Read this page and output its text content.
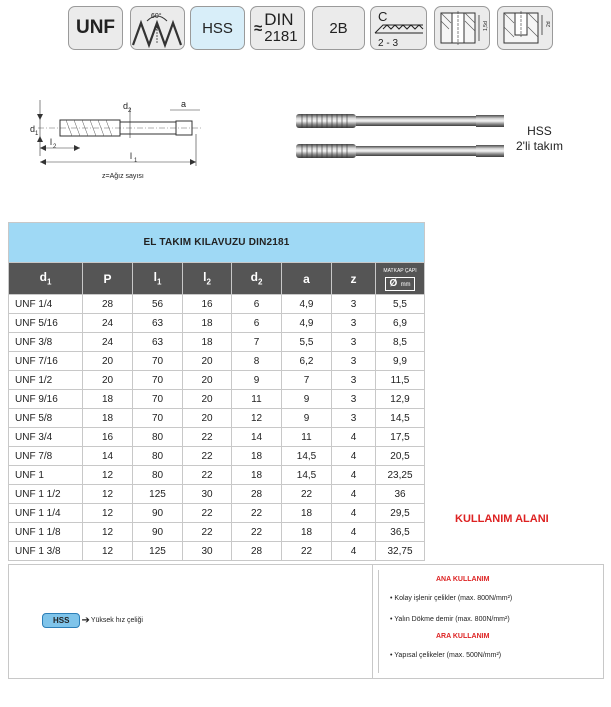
UNF
60°
P	HSS ≈ DIN
2181 2B
C
2 - 3
1,5d	2d
d 1
d 2
a
l 2
l 1
z=Ağız sayısı
HSS
2'li takım
EL TAKIM KILAVUZU DIN2181							
$d_1$	P	$l_1$	$l_2$	$d_2$	a	z	MATKAP ÇAPI
Ø mm
UNF 1/4	28	56	16	6	4,9	3	5,5
UNF 5/16	24	63	18	6	4,9	3	6,9
UNF 3/8	24	63	18	7	5,5	3	8,5
UNF 7/16	20	70	20	8	6,2	3	9,9
UNF 1/2	20	70	20	9	7	3	11,5
UNF 9/16	18	70	20	11	9	3	12,9
UNF 5/8	18	70	20	12	9	3	14,5
UNF 3/4	16	80	22	14	11	4	17,5
UNF 7/8	14	80	22	18	14,5	4	20,5
UNF 1	12	80	22	18	14,5	4	23,25
UNF 1 1/2	12	125	30	28	22	4	36
UNF 1 1/4	12	90	22	22	18	4	29,5
UNF 1 1/8	12	90	22	22	18	4	36,5
UNF 1 3/8	12	125	30	28	22	4	32,75
KULLANIM ALANI
HSS	➔ Yüksek hız çeliği
ANA KULLANIM
• Kolay işlenir çelikler (max. 800N/mm²)
• Yalın Dökme demir (max. 800N/mm²)
ARA KULLANIM
• Yapısal çelikeler (max. 500N/mm²)
